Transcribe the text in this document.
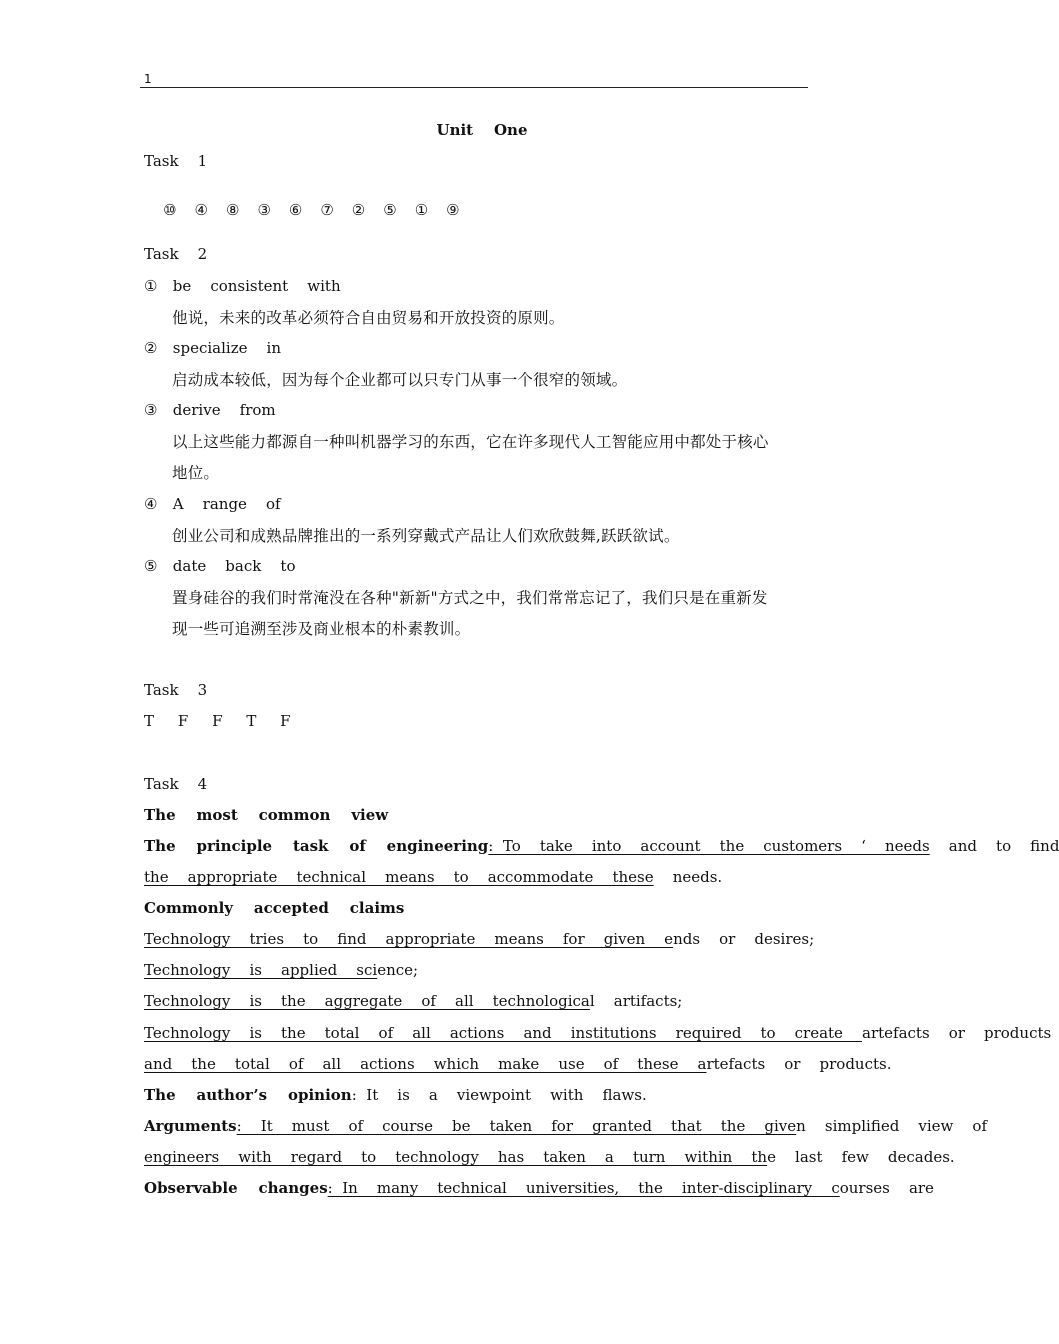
1
Unit    One
Task    1

⑩ ④ ⑧ ③ ⑥ ⑦ ② ⑤ ① ⑨

Task    2
① be    consistent    with
他说，未来的改革必须符合自由贸易和开放投资的原则。
② specialize    in
启动成本较低，因为每个企业都可以只专门从事一个很窄的领域。
③ derive    from
以上这些能力都源自一种叫机器学习的东西，它在许多现代人工智能应用中都处于核心
地位。
④ A    range    of
创业公司和成熟品牌推出的一系列穿戴式产品让人们欢欣鼓舞,跃跃欲试。
⑤ date    back    to
置身硅谷的我们时常淹没在各种"新新"方式之中，我们常常忘记了，我们只是在重新发
现一些可追溯至涉及商业根本的朴素教训。
Task    3
T     F     F     T     F
Task    4
The    most    common    view
The    principle    task    of    engineering:  To    take    into    account    the    customers    ‘    needs    and    to    find
the    appropriate    technical    means    to    accommodate    these    needs.
Commonly    accepted    claims
Technology    tries    to    find    appropriate    means    for    given    ends    or    desires;
Technology    is    applied    science;
Technology    is    the    aggregate    of    all    technological    artifacts;
Technology    is    the    total    of    all    actions    and    institutions    required    to    create    artefacts    or    products
and    the    total    of    all    actions    which    make    use    of    these    artefacts    or    products.
The    author’s    opinion:  It    is    a    viewpoint    with    flaws.
Arguments:    It    must    of    course    be    taken    for    granted    that    the    given    simplified    view    of
engineers    with    regard    to    technology    has    taken    a    turn    within    the    last    few    decades.
Observable    changes:  In    many    technical    universities,    the    inter-disciplinary    courses    are
